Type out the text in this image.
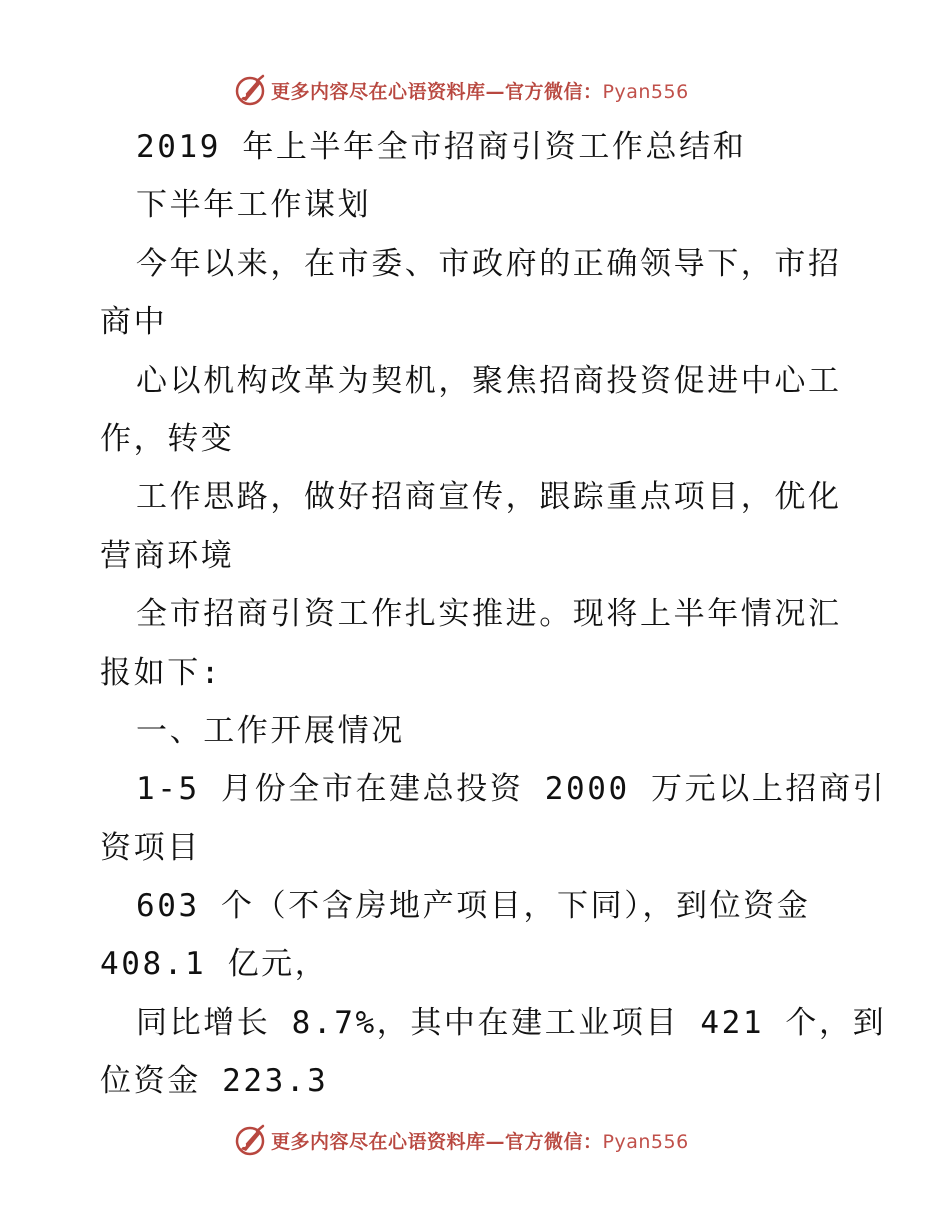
更多内容尽在心语资料库—官方微信：Pyan556
2019 年上半年全市招商引资工作总结和
下半年工作谋划
今年以来，在市委、市政府的正确领导下，市招
商中
心以机构改革为契机，聚焦招商投资促进中心工
作，转变
工作思路，做好招商宣传，跟踪重点项目，优化
营商环境
全市招商引资工作扎实推进。现将上半年情况汇
报如下:
一、工作开展情况
1-5 月份全市在建总投资 2000 万元以上招商引
资项目
603 个（不含房地产项目，下同），到位资金
408.1 亿元，
同比增长 8.7%，其中在建工业项目 421 个，到
位资金 223.3
更多内容尽在心语资料库—官方微信：Pyan556
